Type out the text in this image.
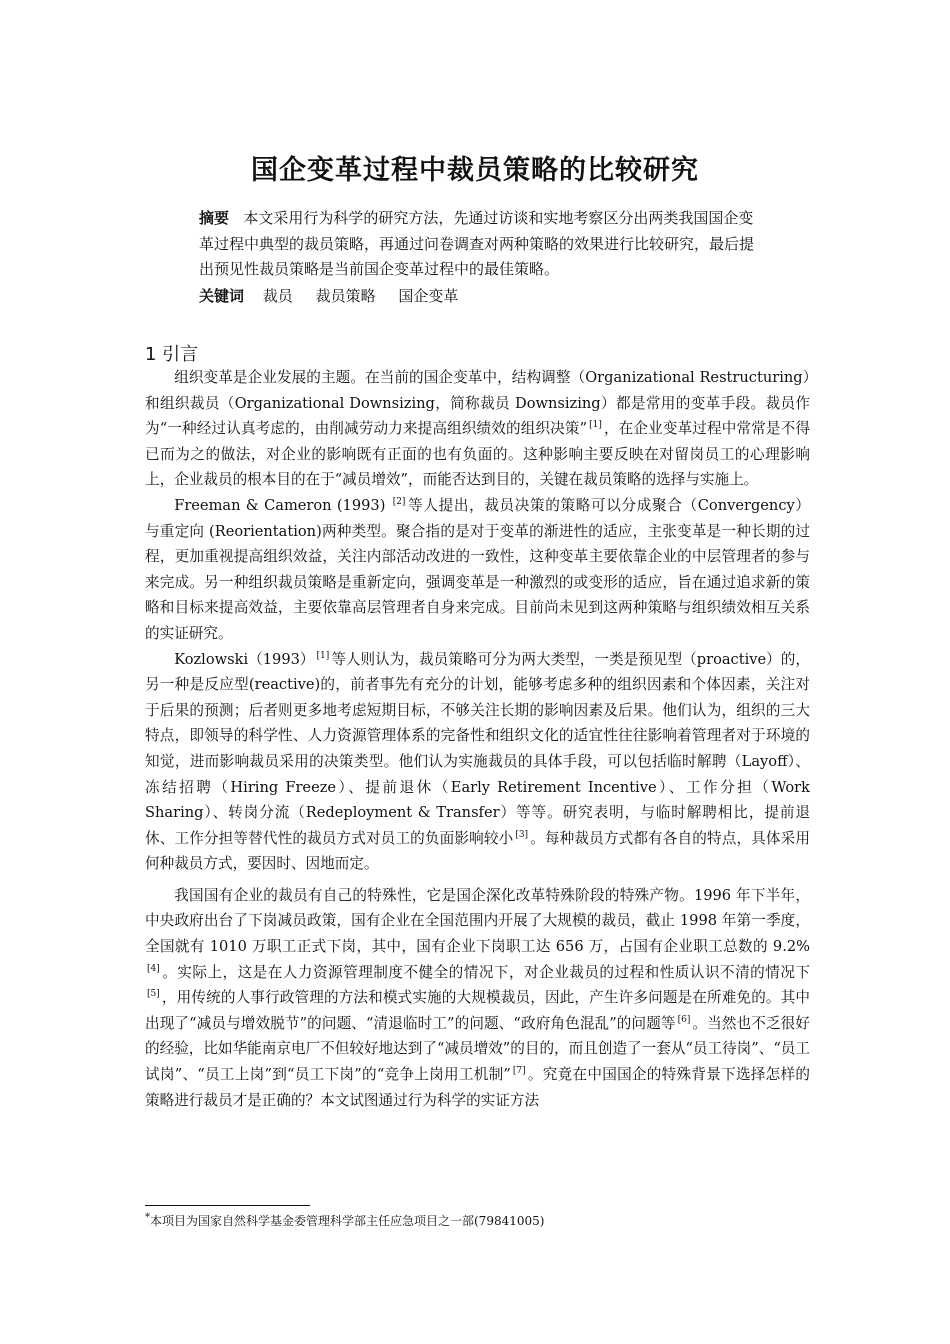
国企变革过程中裁员策略的比较研究
摘要 本文采用行为科学的研究方法，先通过访谈和实地考察区分出两类我国国企变革过程中典型的裁员策略，再通过问卷调查对两种策略的效果进行比较研究，最后提出预见性裁员策略是当前国企变革过程中的最佳策略。
关键词 裁员 裁员策略 国企变革
1 引言

组织变革是企业发展的主题。在当前的国企变革中，结构调整（Organizational Restructuring）和组织裁员（Organizational Downsizing，简称裁员 Downsizing）都是常用的变革手段。裁员作为“一种经过认真考虑的，由削减劳动力来提高组织绩效的组织决策” [1] ，在企业变革过程中常常是不得已而为之的做法，对企业的影响既有正面的也有负面的。这种影响主要反映在对留岗员工的心理影响上，企业裁员的根本目的在于“减员增效”，而能否达到目的，关键在裁员策略的选择与实施上。

Freeman & Cameron (1993) [2] 等人提出，裁员决策的策略可以分成聚合（Convergency） 与重定向 (Reorientation)两种类型。聚合指的是对于变革的渐进性的适应，主张变革是一种长期的过程，更加重视提高组织效益，关注内部活动改进的一致性，这种变革主要依靠企业的中层管理者的参与来完成。另一种组织裁员策略是重新定向，强调变革是一种激烈的或变形的适应，旨在通过追求新的策略和目标来提高效益，主要依靠高层管理者自身来完成。目前尚未见到这两种策略与组织绩效相互关系的实证研究。

Kozlowski（1993） [1] 等人则认为，裁员策略可分为两大类型，一类是预见型（proactive）的，另一种是反应型(reactive)的，前者事先有充分的计划，能够考虑多种的组织因素和个体因素，关注对于后果的预测；后者则更多地考虑短期目标，不够关注长期的影响因素及后果。他们认为，组织的三大特点，即领导的科学性、人力资源管理体系的完备性和组织文化的适宜性往往影响着管理者对于环境的知觉，进而影响裁员采用的决策类型。他们认为实施裁员的具体手段，可以包括临时解聘（Layoff）、冻结招聘（Hiring Freeze）、提前退休（Early Retirement Incentive）、工作分担（Work Sharing）、转岗分流（Redeployment & Transfer）等等。研究表明，与临时解聘相比，提前退休、工作分担等替代性的裁员方式对员工的负面影响较小 [3] 。每种裁员方式都有各自的特点，具体采用何种裁员方式，要因时、因地而定。

我国国有企业的裁员有自己的特殊性，它是国企深化改革特殊阶段的特殊产物。1996 年下半年，中央政府出台了下岗减员政策，国有企业在全国范围内开展了大规模的裁员，截止 1998 年第一季度，全国就有 1010 万职工正式下岗，其中，国有企业下岗职工达 656 万，占国有企业职工总数的 9.2%[4] 。实际上，这是在人力资源管理制度不健全的情况下，对企业裁员的过程和性质认识不清的情况下[5] ，用传统的人事行政管理的方法和模式实施的大规模裁员，因此，产生许多问题是在所难免的。其中出现了“减员与增效脱节”的问题、“清退临时工”的问题、“政府角色混乱”的问题等 [6] 。当然也不乏很好的经验，比如华能南京电厂不但较好地达到了“减员增效”的目的，而且创造了一套从“员工待岗”、“员工试岗”、“员工上岗”到“员工下岗”的“竞争上岗用工机制” [7] 。究竟在中国国企的特殊背景下选择怎样的策略进行裁员才是正确的？本文试图通过行为科学的实证方法

*本项目为国家自然科学基金委管理科学部主任应急项目之一部(79841005)
